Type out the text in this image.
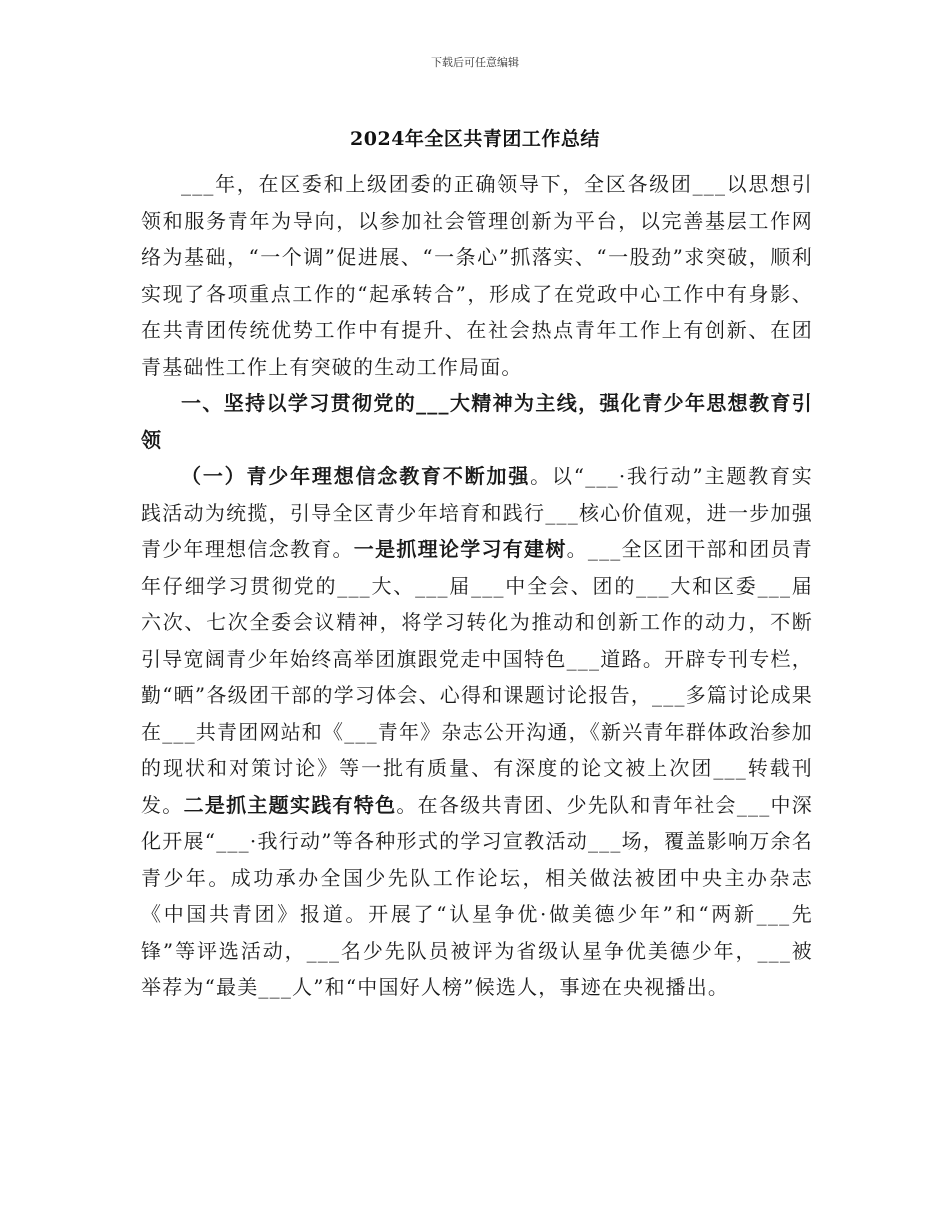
下载后可任意编辑
2024年全区共青团工作总结

___年，在区委和上级团委的正确领导下，全区各级团___以思想引领和服务青年为导向，以参加社会管理创新为平台，以完善基层工作网络为基础，“一个调”促进展、“一条心”抓落实、“一股劲”求突破，顺利实现了各项重点工作的“起承转合”，形成了在党政中心工作中有身影、在共青团传统优势工作中有提升、在社会热点青年工作上有创新、在团青基础性工作上有突破的生动工作局面。

一、坚持以学习贯彻党的___大精神为主线，强化青少年思想教育引领

（一）青少年理想信念教育不断加强。以“___·我行动”主题教育实践活动为统揽，引导全区青少年培育和践行___核心价值观，进一步加强青少年理想信念教育。一是抓理论学习有建树。___全区团干部和团员青年仔细学习贯彻党的___大、___届___中全会、团的___大和区委___届六次、七次全委会议精神，将学习转化为推动和创新工作的动力，不断引导宽阔青少年始终高举团旗跟党走中国特色___道路。开辟专刊专栏，勤“晒”各级团干部的学习体会、心得和课题讨论报告，___多篇讨论成果在___共青团网站和《___青年》杂志公开沟通，《新兴青年群体政治参加的现状和对策讨论》等一批有质量、有深度的论文被上次团___转载刊发。二是抓主题实践有特色。在各级共青团、少先队和青年社会___中深化开展“___·我行动”等各种形式的学习宣教活动___场，覆盖影响万余名青少年。成功承办全国少先队工作论坛，相关做法被团中央主办杂志《中国共青团》报道。开展了“认星争优·做美德少年”和“两新___先锋”等评选活动，___名少先队员被评为省级认星争优美德少年，___被举荐为“最美___人”和“中国好人榜”候选人，事迹在央视播出。
